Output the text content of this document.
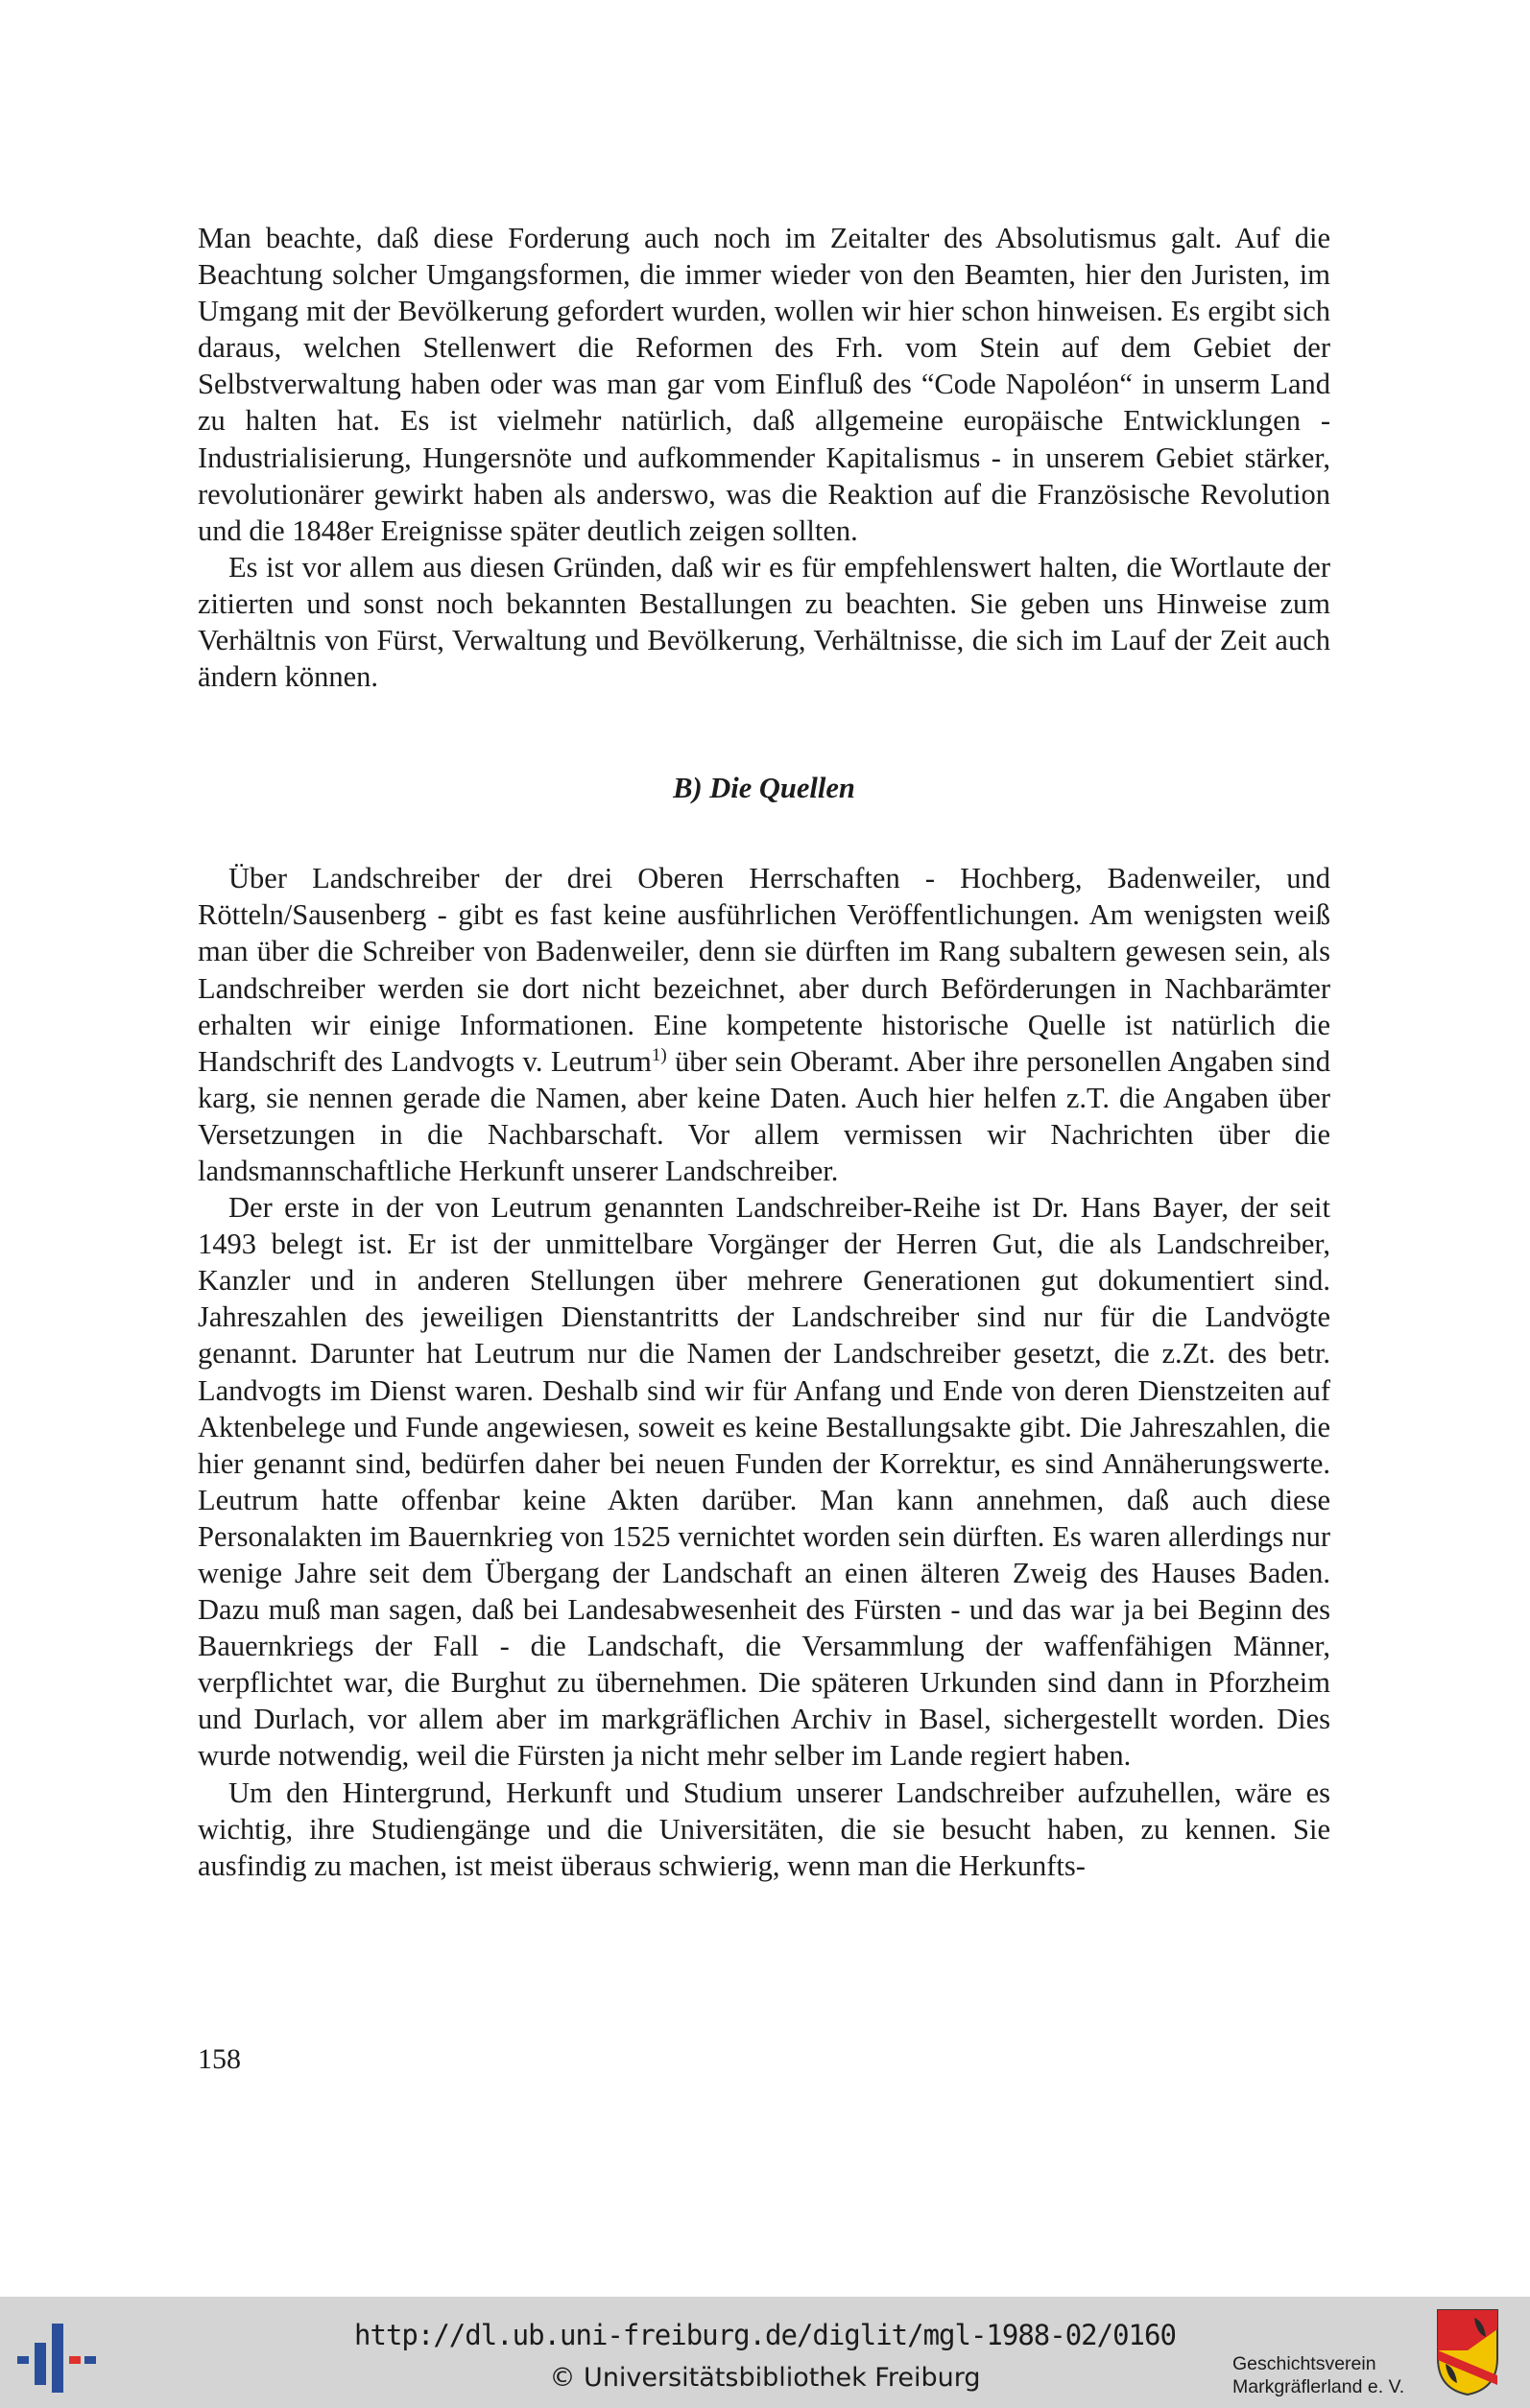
Man beachte, daß diese Forderung auch noch im Zeitalter des Absolutismus galt. Auf die Beachtung solcher Umgangsformen, die immer wieder von den Beamten, hier den Juristen, im Umgang mit der Bevölkerung gefordert wurden, wollen wir hier schon hinweisen. Es ergibt sich daraus, welchen Stellenwert die Reformen des Frh. vom Stein auf dem Gebiet der Selbstverwaltung haben oder was man gar vom Einfluß des “Code Napoléon“ in unserm Land zu halten hat. Es ist vielmehr natürlich, daß allgemeine europäische Entwicklungen - Industrialisierung, Hungersnöte und aufkommender Kapitalismus - in unserem Gebiet stärker, revolutionärer gewirkt haben als anderswo, was die Reaktion auf die Französische Revolution und die 1848er Ereignisse später deutlich zeigen sollten.

Es ist vor allem aus diesen Gründen, daß wir es für empfehlenswert halten, die Wortlaute der zitierten und sonst noch bekannten Bestallungen zu beachten. Sie geben uns Hinweise zum Verhältnis von Fürst, Verwaltung und Bevölkerung, Verhältnisse, die sich im Lauf der Zeit auch ändern können.

B) Die Quellen

Über Landschreiber der drei Oberen Herrschaften - Hochberg, Badenweiler, und Rötteln/Sausenberg - gibt es fast keine ausführlichen Veröffentlichungen. Am wenigsten weiß man über die Schreiber von Badenweiler, denn sie dürften im Rang subaltern gewesen sein, als Landschreiber werden sie dort nicht bezeichnet, aber durch Beförderungen in Nachbarämter erhalten wir einige Informationen. Eine kompetente historische Quelle ist natürlich die Handschrift des Landvogts v. Leutrum$^{1)}$ über sein Oberamt. Aber ihre personellen Angaben sind karg, sie nennen gerade die Namen, aber keine Daten. Auch hier helfen z.T. die Angaben über Versetzungen in die Nachbarschaft. Vor allem vermissen wir Nachrichten über die landsmannschaftliche Herkunft unserer Landschreiber.

Der erste in der von Leutrum genannten Landschreiber-Reihe ist Dr. Hans Bayer, der seit 1493 belegt ist. Er ist der unmittelbare Vorgänger der Herren Gut, die als Landschreiber, Kanzler und in anderen Stellungen über mehrere Generationen gut dokumentiert sind. Jahreszahlen des jeweiligen Dienstantritts der Landschreiber sind nur für die Landvögte genannt. Darunter hat Leutrum nur die Namen der Landschreiber gesetzt, die z.Zt. des betr. Landvogts im Dienst waren. Deshalb sind wir für Anfang und Ende von deren Dienstzeiten auf Aktenbelege und Funde angewiesen, soweit es keine Bestallungsakte gibt. Die Jahreszahlen, die hier genannt sind, bedürfen daher bei neuen Funden der Korrektur, es sind Annäherungswerte. Leutrum hatte offenbar keine Akten darüber. Man kann annehmen, daß auch diese Personalakten im Bauernkrieg von 1525 vernichtet worden sein dürften. Es waren allerdings nur wenige Jahre seit dem Übergang der Landschaft an einen älteren Zweig des Hauses Baden. Dazu muß man sagen, daß bei Landesabwesenheit des Fürsten - und das war ja bei Beginn des Bauernkriegs der Fall - die Landschaft, die Versammlung der waffenfähigen Männer, verpflichtet war, die Burghut zu übernehmen. Die späteren Urkunden sind dann in Pforzheim und Durlach, vor allem aber im markgräflichen Archiv in Basel, sichergestellt worden. Dies wurde notwendig, weil die Fürsten ja nicht mehr selber im Lande regiert haben.

Um den Hintergrund, Herkunft und Studium unserer Landschreiber aufzuhellen, wäre es wichtig, ihre Studiengänge und die Universitäten, die sie besucht haben, zu kennen. Sie ausfindig zu machen, ist meist überaus schwierig, wenn man die Herkunfts-

158
http://dl.ub.uni-freiburg.de/diglit/mgl-1988-02/0160
© Universitätsbibliothek Freiburg	Geschichtsverein
Markgräflerland e. V.
